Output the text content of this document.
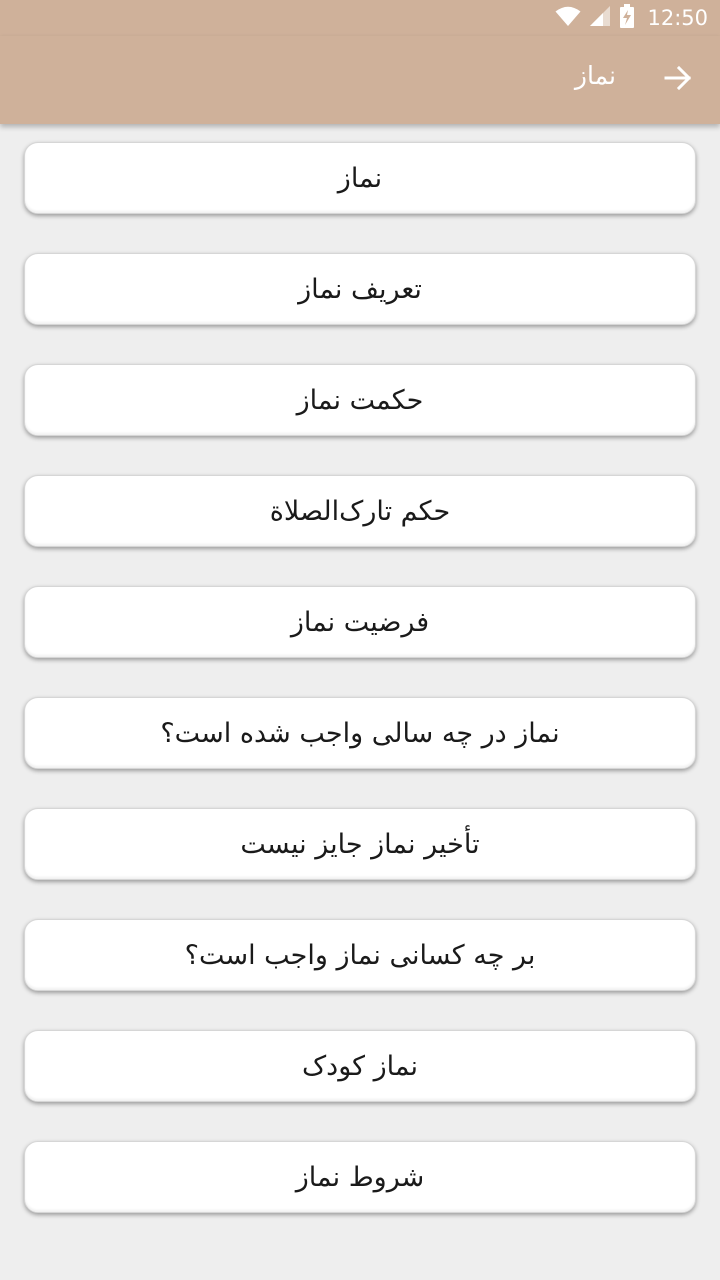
12:50
نماز
نماز
تعریف نماز
حکمت نماز
حکم تارک‌الصلاة
فرضیت نماز
نماز در چه سالی واجب شده است؟
تأخیر نماز جایز نیست
بر چه کسانی نماز واجب است؟
نماز کودک
شروط نماز
